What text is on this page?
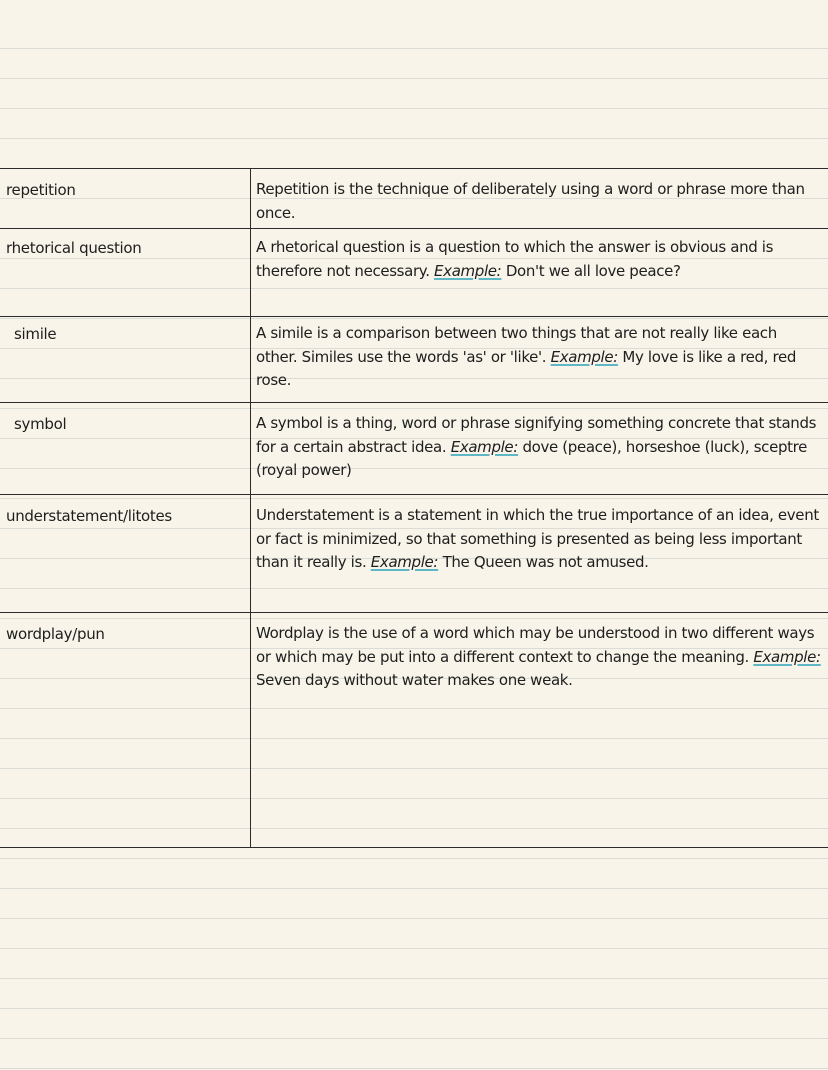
repetition	Repetition is the technique of deliberately using a word or phrase more than once.
rhetorical question	A rhetorical question is a question to which the answer is obvious and is therefore not necessary. Example: Don't we all love peace?
simile	A simile is a comparison between two things that are not really like each other. Similes use the words 'as' or 'like'. Example: My love is like a red, red rose.
symbol	A symbol is a thing, word or phrase signifying something concrete that stands for a certain abstract idea. Example: dove (peace), horseshoe (luck), sceptre (royal power)
understatement/litotes	Understatement is a statement in which the true importance of an idea, event or fact is minimized, so that something is presented as being less important than it really is. Example: The Queen was not amused.
wordplay/pun	Wordplay is the use of a word which may be understood in two different ways or which may be put into a different context to change the meaning. Example: Seven days without water makes one weak.
